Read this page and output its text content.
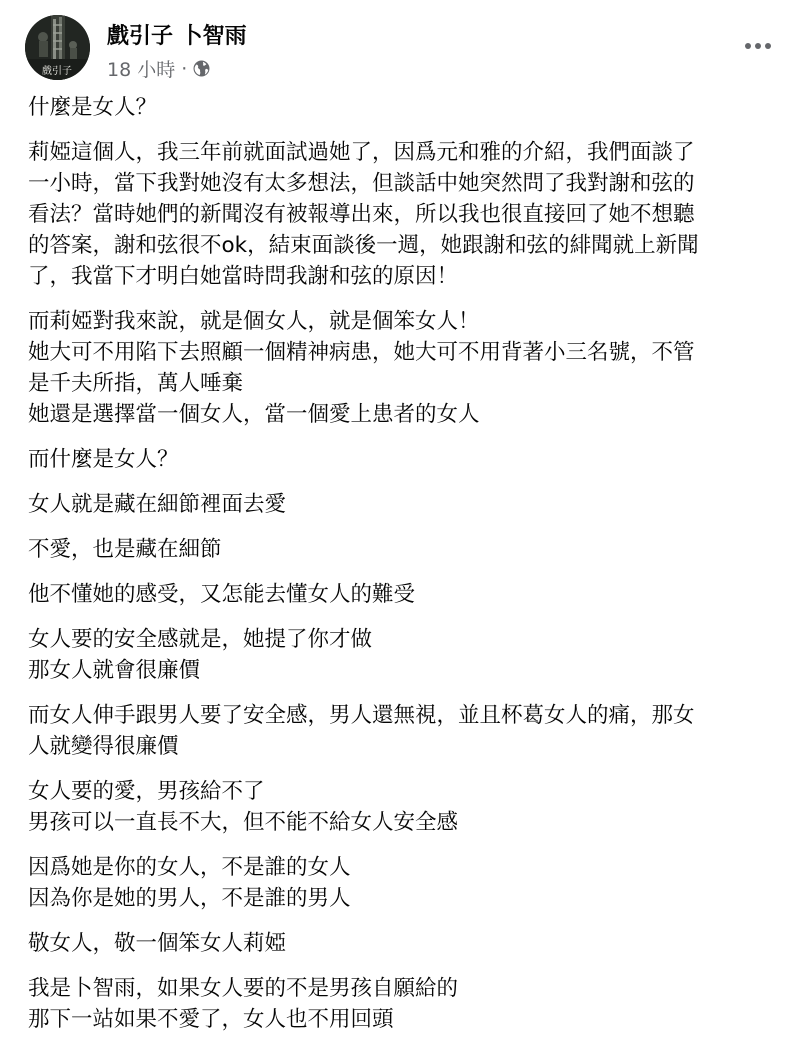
戲引子
戲引子 卜智雨
18 小時 ·
什麼是女人？
莉婭這個人，我三年前就面試過她了，因爲元和雅的介紹，我們面談了
一小時，當下我對她沒有太多想法，但談話中她突然問了我對謝和弦的
看法？當時她們的新聞沒有被報導出來，所以我也很直接回了她不想聽
的答案，謝和弦很不ok，結束面談後一週，她跟謝和弦的緋聞就上新聞
了，我當下才明白她當時問我謝和弦的原因！
而莉婭對我來說，就是個女人，就是個笨女人！
她大可不用陷下去照顧一個精神病患，她大可不用背著小三名號，不管
是千夫所指，萬人唾棄
她還是選擇當一個女人，當一個愛上患者的女人
而什麼是女人？
女人就是藏在細節裡面去愛
不愛，也是藏在細節
他不懂她的感受，又怎能去懂女人的難受
女人要的安全感就是，她提了你才做
那女人就會很廉價
而女人伸手跟男人要了安全感，男人還無視，並且杯葛女人的痛，那女
人就變得很廉價
女人要的愛，男孩給不了
男孩可以一直長不大，但不能不給女人安全感
因爲她是你的女人，不是誰的女人
因為你是她的男人，不是誰的男人
敬女人，敬一個笨女人莉婭
我是卜智雨，如果女人要的不是男孩自願給的
那下一站如果不愛了，女人也不用回頭
